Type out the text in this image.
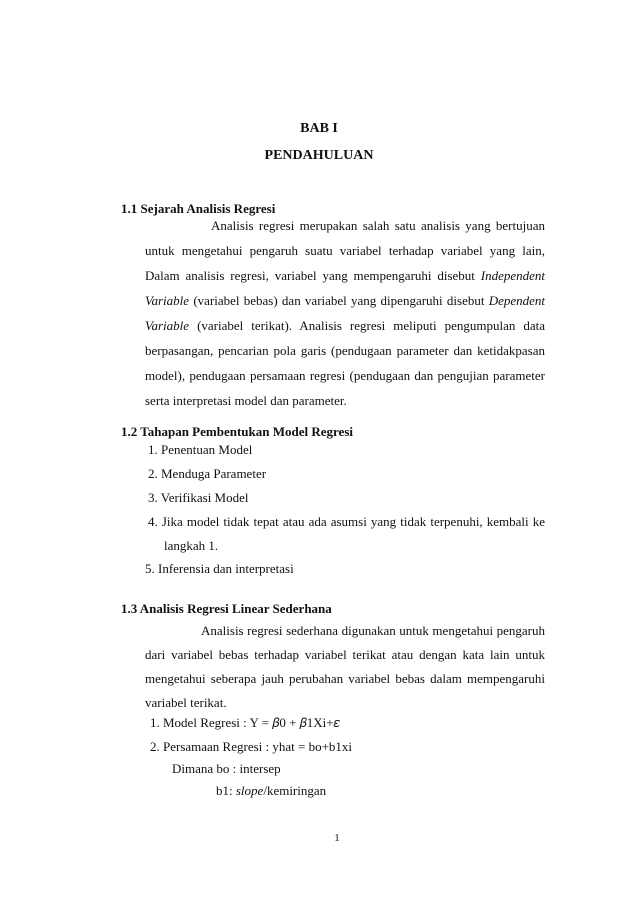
BAB I
PENDAHULUAN
1.1 Sejarah Analisis Regresi
Analisis regresi merupakan salah satu analisis yang bertujuan
untuk mengetahui pengaruh suatu variabel terhadap variabel yang lain,
Dalam analisis regresi, variabel yang mempengaruhi disebut Independent
Variable (variabel bebas) dan variabel yang dipengaruhi disebut Dependent
Variable (variabel terikat). Analisis regresi meliputi pengumpulan data
berpasangan, pencarian pola garis (pendugaan parameter dan ketidakpasan
model), pendugaan persamaan regresi (pendugaan dan pengujian parameter
serta interpretasi model dan parameter.
1.2 Tahapan Pembentukan Model Regresi
1. Penentuan Model
2. Menduga Parameter
3. Verifikasi Model
4. Jika model tidak tepat atau ada asumsi yang tidak terpenuhi, kembali ke
langkah 1.
5. Inferensia dan interpretasi
1.3 Analisis Regresi Linear Sederhana
Analisis regresi sederhana digunakan untuk mengetahui pengaruh
dari variabel bebas terhadap variabel terikat atau dengan kata lain untuk
mengetahui seberapa jauh perubahan variabel bebas dalam mempengaruhi
variabel terikat.
1. Model Regresi : Y = 𝛽0 + 𝛽1Xi+𝜀
2. Persamaan Regresi : yhat = bo+b1xi
Dimana bo : intersep
b1: slope/kemiringan
1
